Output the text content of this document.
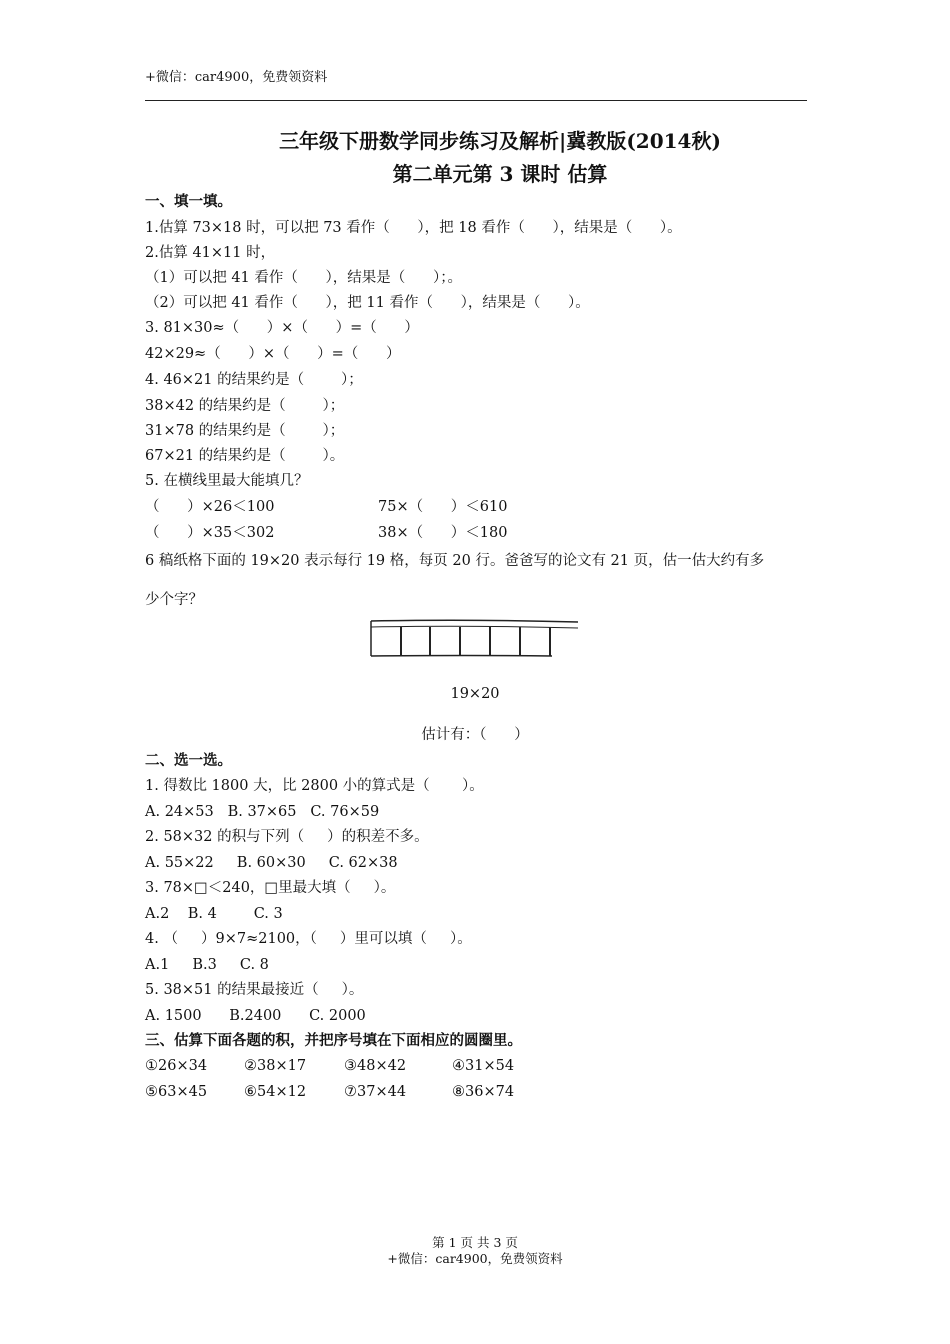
+微信：car4900，免费领资料
三年级下册数学同步练习及解析|冀教版(2014秋)
第二单元第 3 课时 估算
一、填一填。
1.估算 73×18 时，可以把 73 看作（      ），把 18 看作（      ），结果是（      ）。
2.估算 41×11 时，
（1）可以把 41 看作（      ），结果是（      ）；。
（2）可以把 41 看作（      ），把 11 看作（      ），结果是（      ）。
3. 81×30≈（      ）×（      ）=（      ）
42×29≈（      ）×（      ）=（      ）
4. 46×21 的结果约是（        ）；
38×42 的结果约是（        ）；
31×78 的结果约是（        ）；
67×21 的结果约是（        ）。
5. 在横线里最大能填几？
（      ）×26＜100	75×（      ）＜610
（      ）×35＜302	38×（      ）＜180
6 稿纸格下面的 19×20 表示每行 19 格，每页 20 行。爸爸写的论文有 21 页，估一估大约有多
少个字？
19×20
估计有：（      ）
二、选一选。
1. 得数比 1800 大，比 2800 小的算式是（       ）。
A. 24×53   B. 37×65   C. 76×59
2. 58×32 的积与下列（     ）的积差不多。
A. 55×22     B. 60×30     C. 62×38
3. 78×□＜240，□里最大填（     ）。
A.2    B. 4        C. 3
4. （     ）9×7≈2100，（     ）里可以填（     ）。
A.1     B.3     C. 8
5. 38×51 的结果最接近（     ）。
A. 1500      B.2400      C. 2000
三、估算下面各题的积，并把序号填在下面相应的圆圈里。
①26×34	②38×17	③48×42	④31×54
⑤63×45	⑥54×12	⑦37×44	⑧36×74
第 1 页 共 3 页
+微信：car4900，免费领资料
